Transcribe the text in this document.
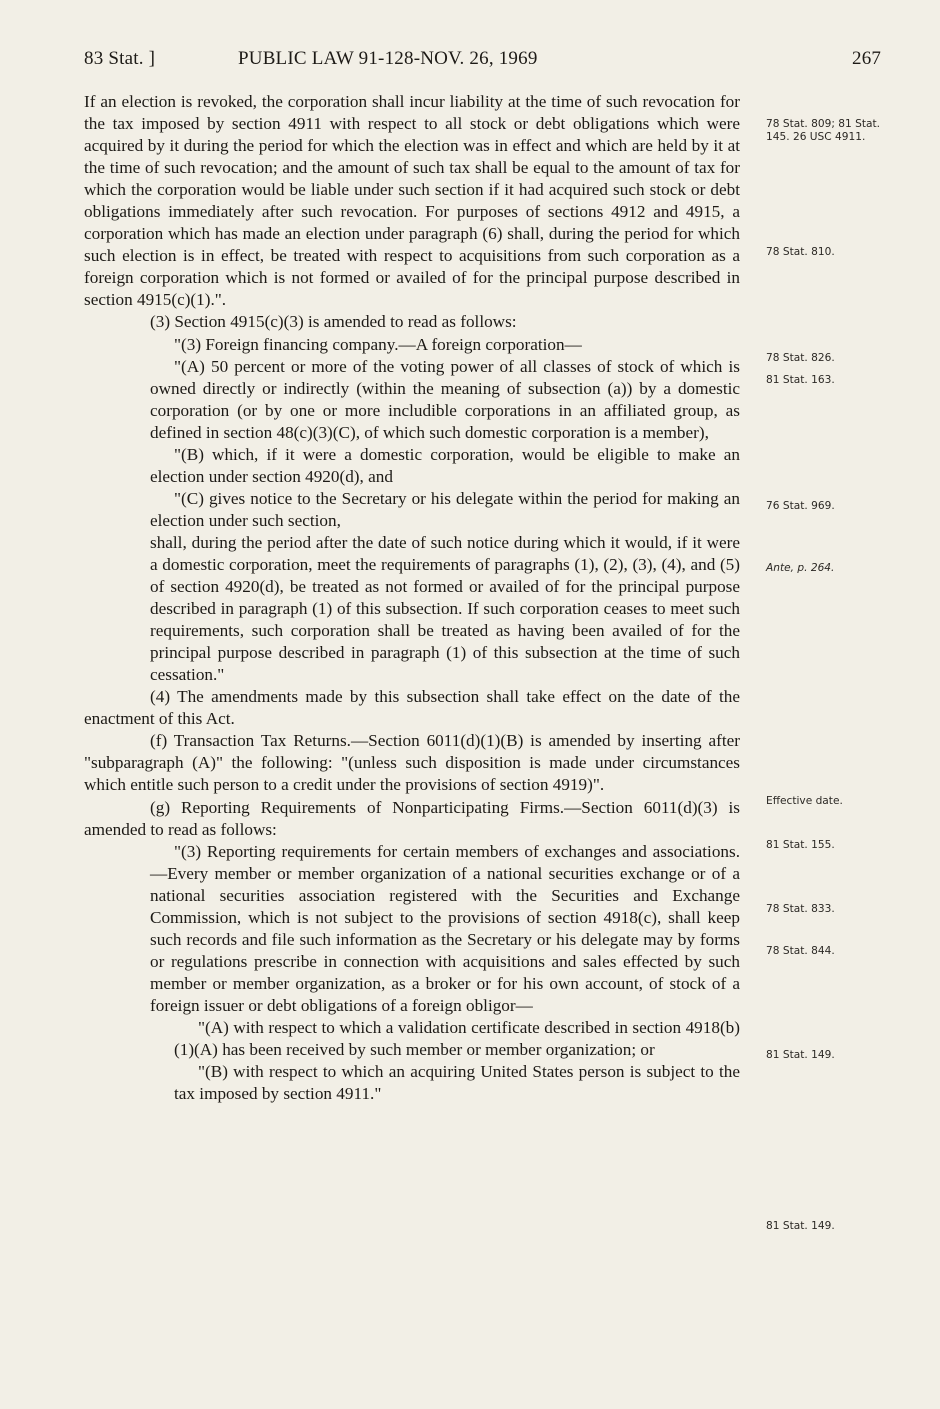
83 Stat. ]	PUBLIC LAW 91-128-NOV. 26, 1969	267

If an election is revoked, the corporation shall incur liability at the time of such revocation for the tax imposed by section 4911 with respect to all stock or debt obligations which were acquired by it during the period for which the election was in effect and which are held by it at the time of such revocation; and the amount of such tax shall be equal to the amount of tax for which the corporation would be liable under such section if it had acquired such stock or debt obligations immediately after such revocation. For purposes of sections 4912 and 4915, a corporation which has made an election under paragraph (6) shall, during the period for which such election is in effect, be treated with respect to acquisitions from such corporation as a foreign corporation which is not formed or availed of for the principal purpose described in section 4915(c)(1).".

(3) Section 4915(c)(3) is amended to read as follows:

"(3) Foreign financing company.—A foreign corporation—

"(A) 50 percent or more of the voting power of all classes of stock of which is owned directly or indirectly (within the meaning of subsection (a)) by a domestic corporation (or by one or more includible corporations in an affiliated group, as defined in section 48(c)(3)(C), of which such domestic corporation is a member),

"(B) which, if it were a domestic corporation, would be eligible to make an election under section 4920(d), and

"(C) gives notice to the Secretary or his delegate within the period for making an election under such section,

shall, during the period after the date of such notice during which it would, if it were a domestic corporation, meet the requirements of paragraphs (1), (2), (3), (4), and (5) of section 4920(d), be treated as not formed or availed of for the principal purpose described in paragraph (1) of this subsection. If such corporation ceases to meet such requirements, such corporation shall be treated as having been availed of for the principal purpose described in paragraph (1) of this subsection at the time of such cessation."

(4) The amendments made by this subsection shall take effect on the date of the enactment of this Act.

(f) Transaction Tax Returns.—Section 6011(d)(1)(B) is amended by inserting after "subparagraph (A)" the following: "(unless such disposition is made under circumstances which entitle such person to a credit under the provisions of section 4919)".

(g) Reporting Requirements of Nonparticipating Firms.—Section 6011(d)(3) is amended to read as follows:

"(3) Reporting requirements for certain members of exchanges and associations.—Every member or member organization of a national securities exchange or of a national securities association registered with the Securities and Exchange Commission, which is not subject to the provisions of section 4918(c), shall keep such records and file such information as the Secretary or his delegate may by forms or regulations prescribe in connection with acquisitions and sales effected by such member or member organization, as a broker or for his own account, of stock of a foreign issuer or debt obligations of a foreign obligor—

"(A) with respect to which a validation certificate described in section 4918(b)(1)(A) has been received by such member or member organization; or

"(B) with respect to which an acquiring United States person is subject to the tax imposed by section 4911."

78 Stat. 809; 81 Stat. 145. 26 USC 4911.
78 Stat. 810.
78 Stat. 826.
81 Stat. 163.
76 Stat. 969.
Ante, p. 264.
Effective date.
81 Stat. 155.
78 Stat. 833.
78 Stat. 844.
81 Stat. 149.
81 Stat. 149.
